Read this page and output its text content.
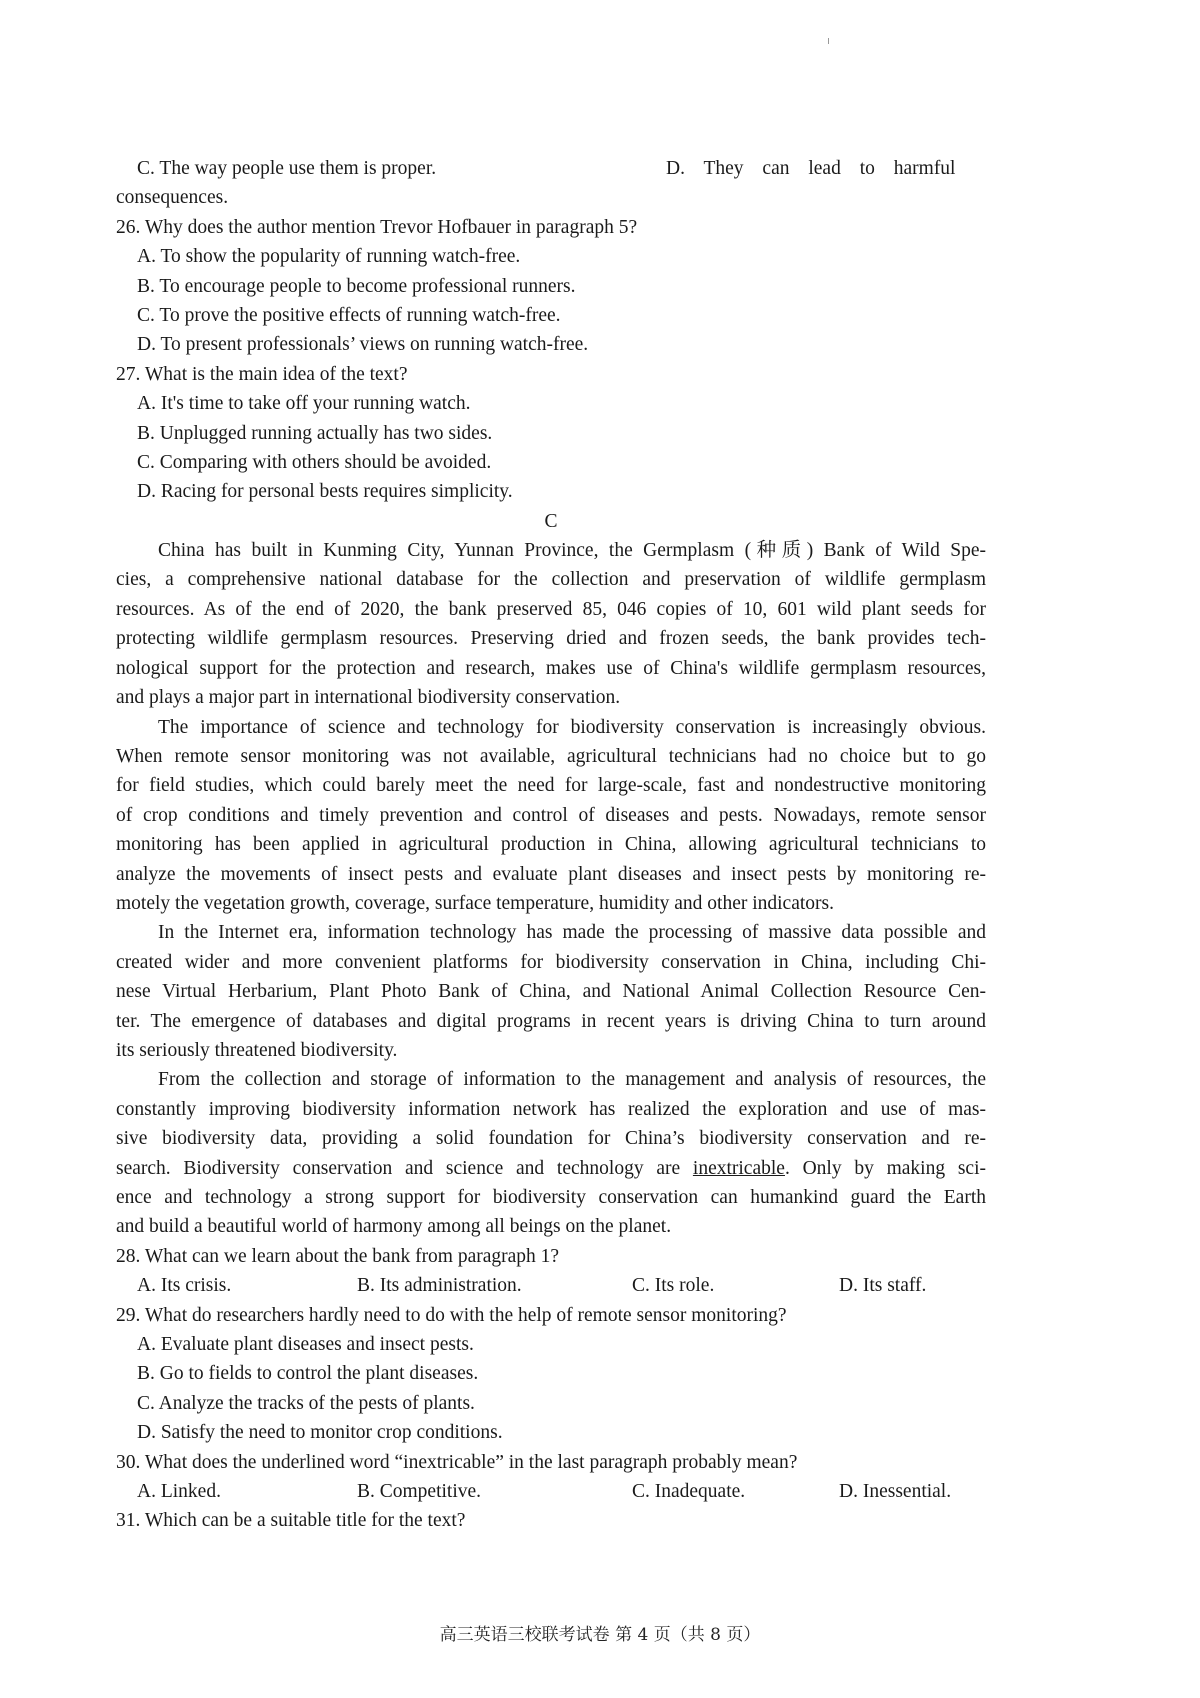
C. The way people use them is proper.	D. They can lead to harmful
consequences.
26. Why does the author mention Trevor Hofbauer in paragraph 5?
A. To show the popularity of running watch-free.
B. To encourage people to become professional runners.
C. To prove the positive effects of running watch-free.
D. To present professionals’ views on running watch-free.
27. What is the main idea of the text?
A. It's time to take off your running watch.
B. Unplugged running actually has two sides.
C. Comparing with others should be avoided.
D. Racing for personal bests requires simplicity.
C
China has built in Kunming City, Yunnan Province, the Germplasm (种质) Bank of Wild Spe-
cies, a comprehensive national database for the collection and preservation of wildlife germplasm
resources. As of the end of 2020, the bank preserved 85, 046 copies of 10, 601 wild plant seeds for
protecting wildlife germplasm resources. Preserving dried and frozen seeds, the bank provides tech-
nological support for the protection and research, makes use of China's wildlife germplasm resources,
and plays a major part in international biodiversity conservation.
The importance of science and technology for biodiversity conservation is increasingly obvious.
When remote sensor monitoring was not available, agricultural technicians had no choice but to go
for field studies, which could barely meet the need for large-scale, fast and nondestructive monitoring
of crop conditions and timely prevention and control of diseases and pests. Nowadays, remote sensor
monitoring has been applied in agricultural production in China, allowing agricultural technicians to
analyze the movements of insect pests and evaluate plant diseases and insect pests by monitoring re-
motely the vegetation growth, coverage, surface temperature, humidity and other indicators.
In the Internet era, information technology has made the processing of massive data possible and
created wider and more convenient platforms for biodiversity conservation in China, including Chi-
nese Virtual Herbarium, Plant Photo Bank of China, and National Animal Collection Resource Cen-
ter. The emergence of databases and digital programs in recent years is driving China to turn around
its seriously threatened biodiversity.
From the collection and storage of information to the management and analysis of resources, the
constantly improving biodiversity information network has realized the exploration and use of mas-
sive biodiversity data, providing a solid foundation for China’s biodiversity conservation and re-
search. Biodiversity conservation and science and technology are inextricable. Only by making sci-
ence and technology a strong support for biodiversity conservation can humankind guard the Earth
and build a beautiful world of harmony among all beings on the planet.
28. What can we learn about the bank from paragraph 1?
A. Its crisis.	B. Its administration.	C. Its role.	D. Its staff.
29. What do researchers hardly need to do with the help of remote sensor monitoring?
A. Evaluate plant diseases and insect pests.
B. Go to fields to control the plant diseases.
C. Analyze the tracks of the pests of plants.
D. Satisfy the need to monitor crop conditions.
30. What does the underlined word “inextricable” in the last paragraph probably mean?
A. Linked.	B. Competitive.	C. Inadequate.	D. Inessential.
31. Which can be a suitable title for the text?
高三英语三校联考试卷 第 4 页（共 8 页）
